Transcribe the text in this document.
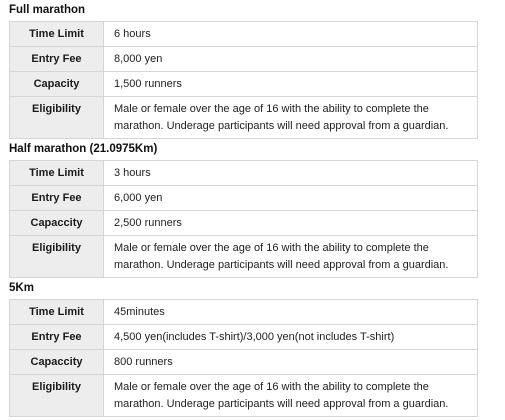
Full marathon
Time Limit	6 hours
Entry Fee	8,000 yen
Capacity	1,500 runners
Eligibility	Male or female over the age of 16 with the ability to complete the
marathon. Underage participants will need approval from a guardian.
Half marathon (21.0975Km)
Time Limit	3 hours
Entry Fee	6,000 yen
Capaccity	2,500 runners
Eligibility	Male or female over the age of 16 with the ability to complete the
marathon. Underage participants will need approval from a guardian.
5Km
Time Limit	45minutes
Entry Fee	4,500 yen(includes T-shirt)/3,000 yen(not includes T-shirt)
Capaccity	800 runners
Eligibility	Male or female over the age of 16 with the ability to complete the
marathon. Underage participants will need approval from a guardian.
